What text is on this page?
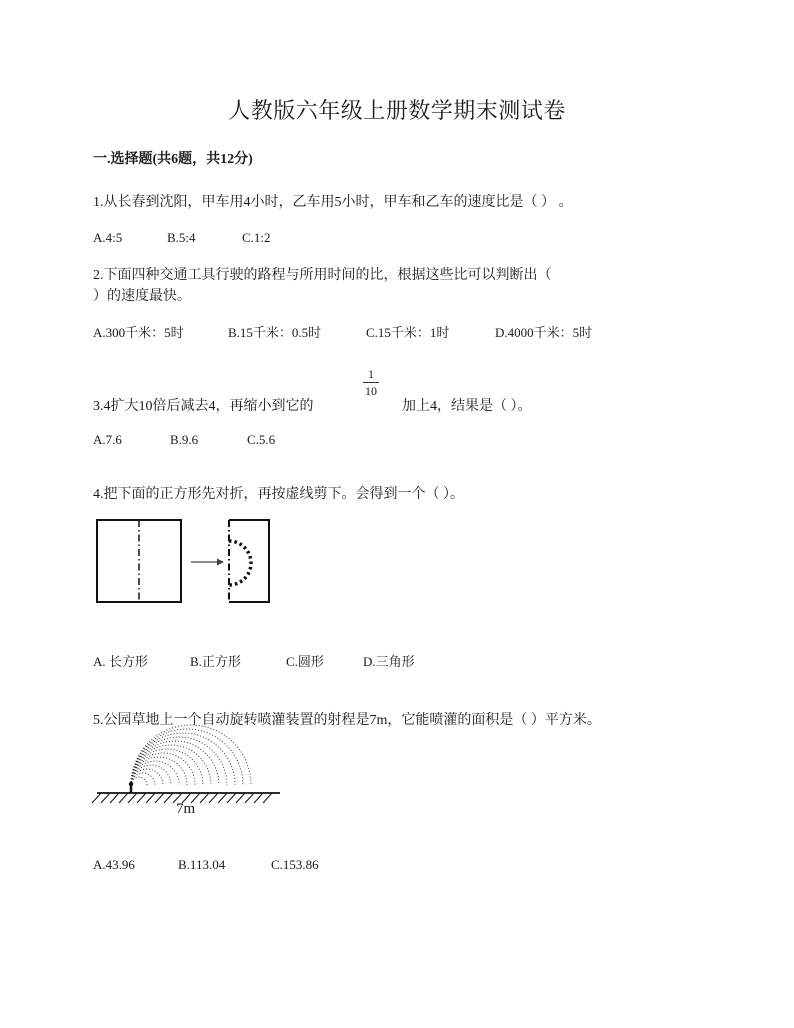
人教版六年级上册数学期末测试卷
一.选择题(共6题，共12分)
1.从长春到沈阳，甲车用4小时，乙车用5小时，甲车和乙车的速度比是（ ） 。
A.4:5	B.5:4	C.1:2
2.下面四种交通工具行驶的路程与所用时间的比，根据这些比可以判断出（
）的速度最快。
A.300千米：5时	B.15千米：0.5时	C.15千米：1时	D.4000千米：5时
3.4扩大10倍后减去4，再缩小到它的
1
10
加上4，结果是（ ）。
A.7.6	B.9.6	C.5.6
4.把下面的正方形先对折，再按虚线剪下。会得到一个（ ）。
A. 长方形	B.正方形	C.圆形	D.三角形
5.公园草地上一个自动旋转喷灌装置的射程是7m，它能喷灌的面积是（ ）平方米。
7m
A.43.96	B.113.04	C.153.86
